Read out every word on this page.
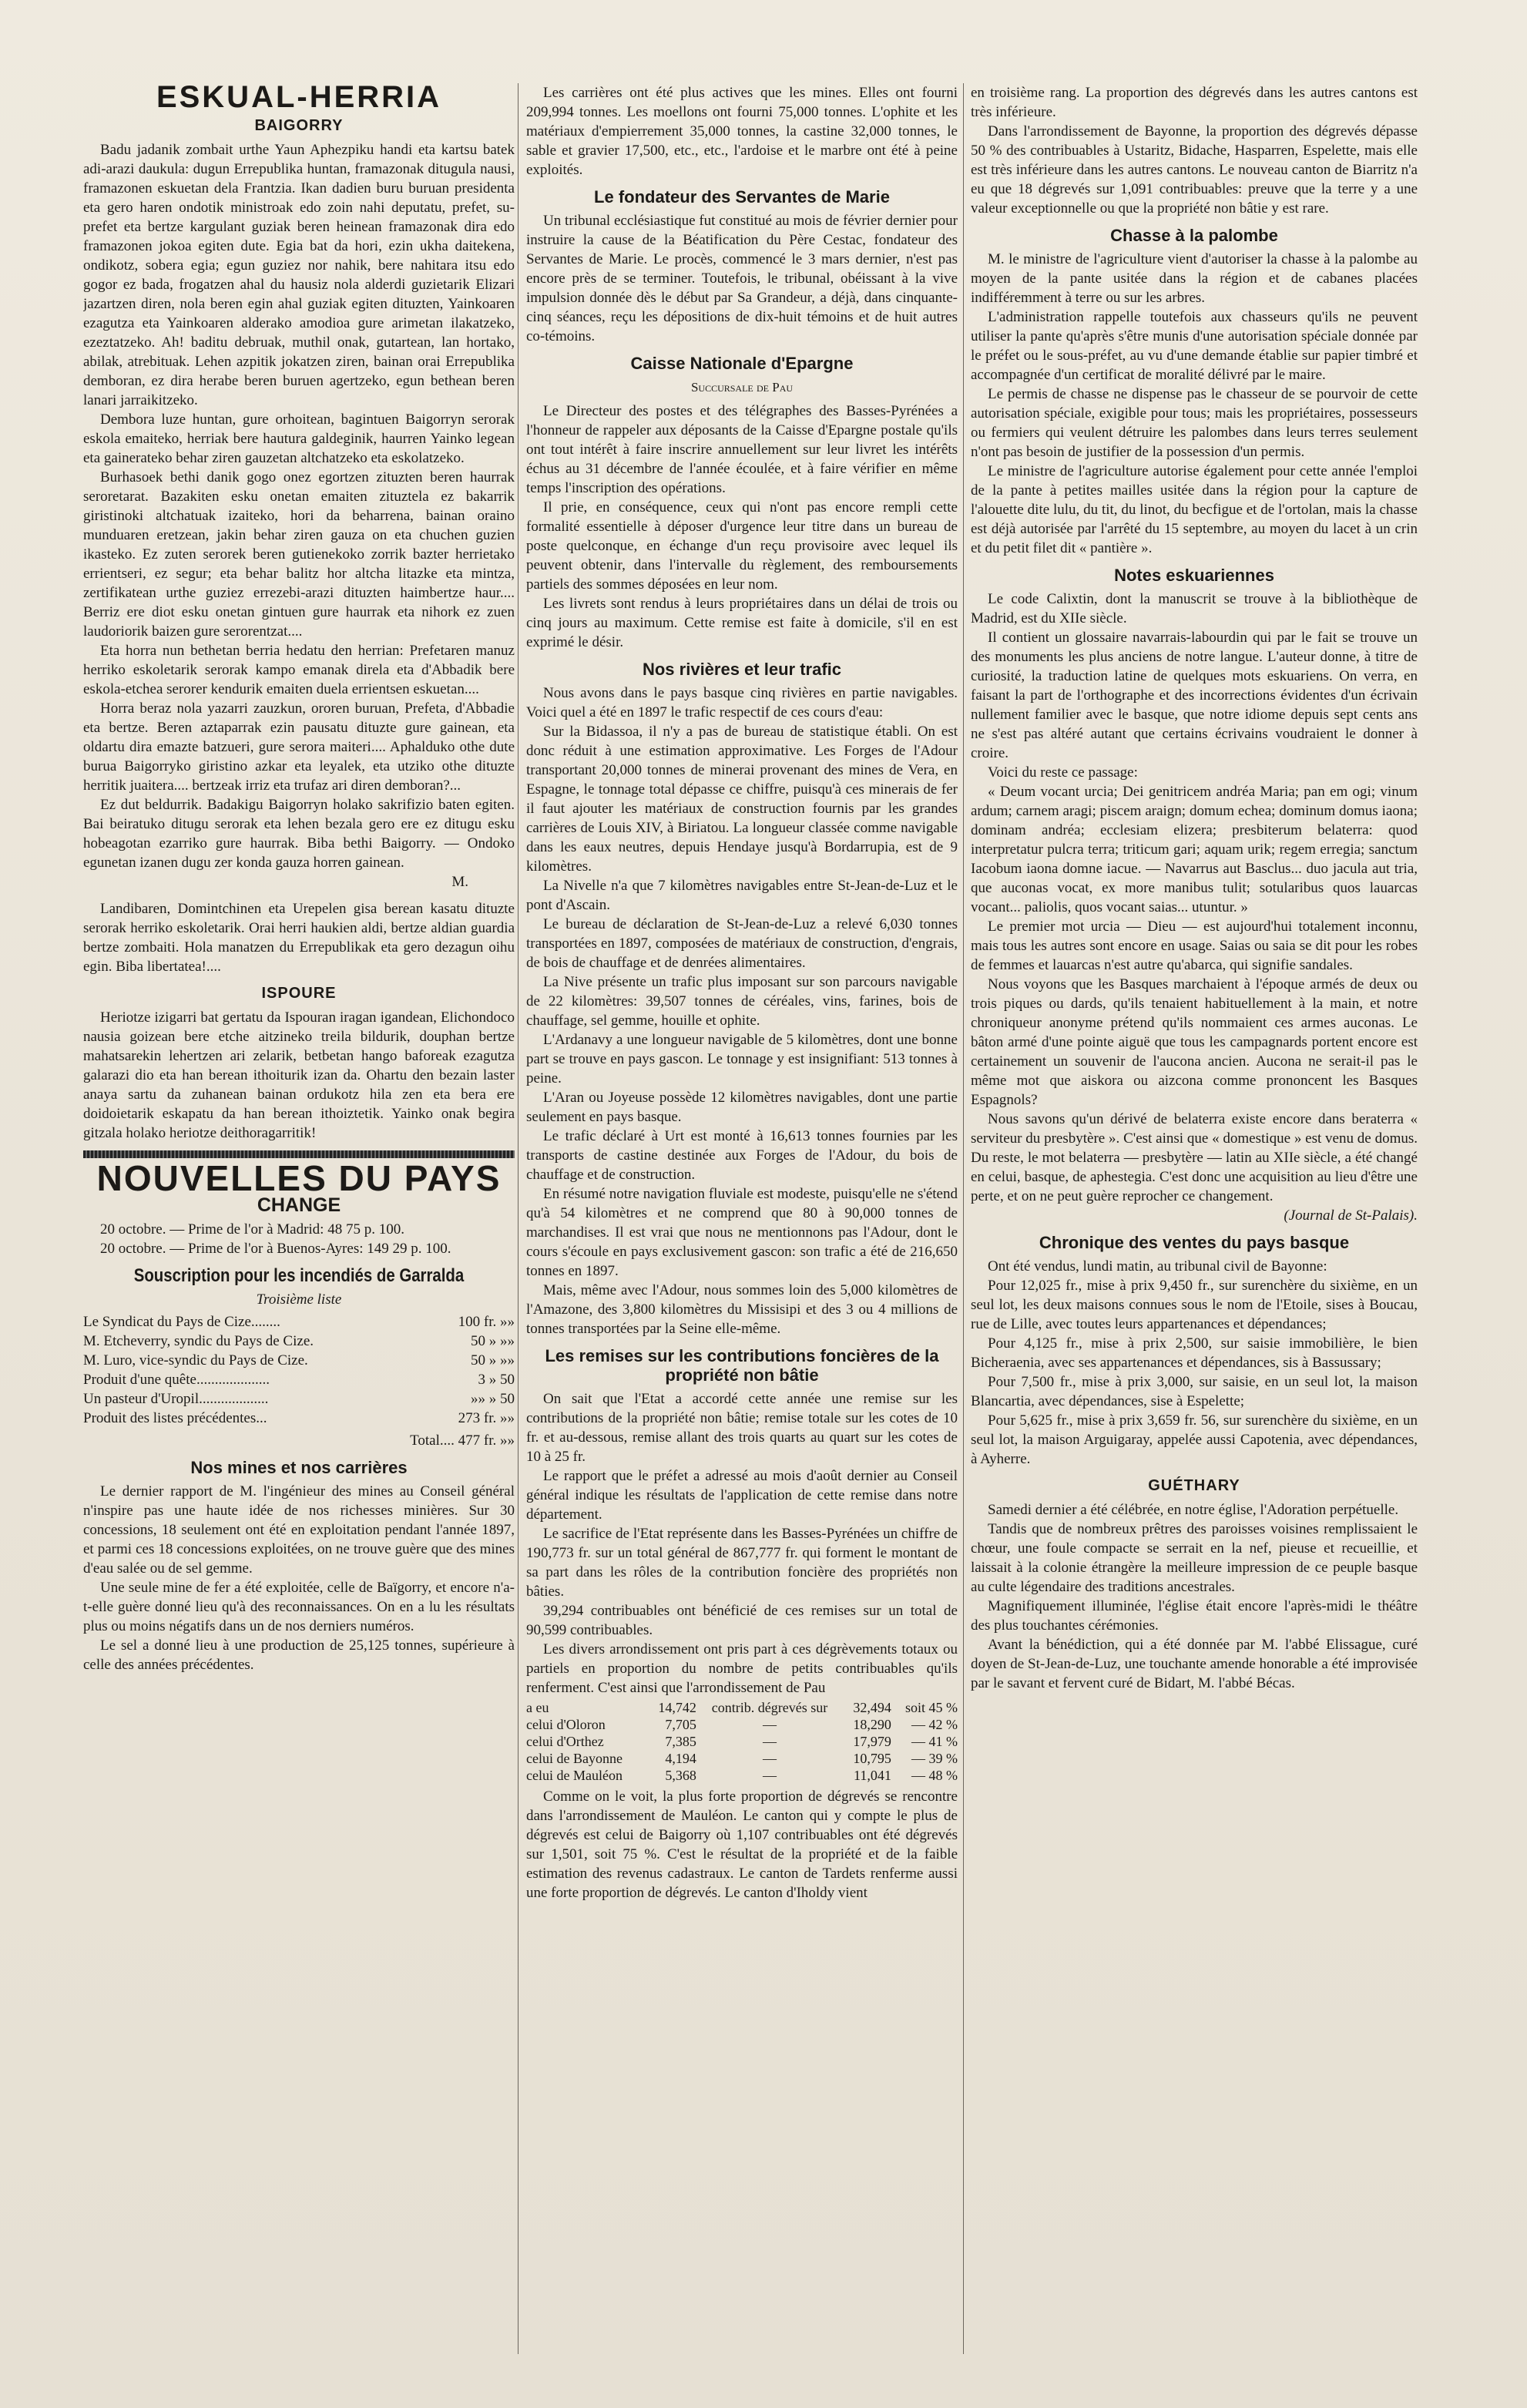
ESKUAL-HERRIA
BAIGORRY

Badu jadanik zombait urthe Yaun Aphezpiku handi eta kartsu batek adi-arazi daukula: dugun Errepublika huntan, framazonak ditugula nausi, framazonen eskuetan dela Frantzia. Ikan dadien buru buruan presidenta eta gero haren ondotik ministroak edo zoin nahi deputatu, prefet, su-prefet eta bertze kargulant guziak beren heinean framazonak dira edo framazonen jokoa egiten dute. Egia bat da hori, ezin ukha daitekena, ondikotz, sobera egia; egun guziez nor nahik, bere nahitara itsu edo gogor ez bada, frogatzen ahal du hausiz nola alderdi guzietarik Elizari jazartzen diren, nola beren egin ahal guziak egiten dituzten, Yainkoaren ezagutza eta Yainkoaren alderako amodioa gure arimetan ilakatzeko, ezeztatzeko. Ah! baditu debruak, muthil onak, gutartean, lan hortako, abilak, atrebituak. Lehen azpitik jokatzen ziren, bainan orai Errepublika demboran, ez dira herabe beren buruen agertzeko, egun bethean beren lanari jarraikitzeko.

Dembora luze huntan, gure orhoitean, bagintuen Baigorryn serorak eskola emaiteko, herriak bere hautura galdeginik, haurren Yainko legean eta gainerateko behar ziren gauzetan altchatzeko eta eskolatzeko.

Burhasoek bethi danik gogo onez egortzen zituzten beren haurrak seroretarat. Bazakiten esku onetan emaiten zituztela ez bakarrik giristinoki altchatuak izaiteko, hori da beharrena, bainan oraino munduaren eretzean, jakin behar ziren gauza on eta chuchen guzien ikasteko. Ez zuten serorek beren gutienekoko zorrik bazter herrietako errientseri, ez segur; eta behar balitz hor altcha litazke eta mintza, zertifikatean urthe guziez errezebi-arazi dituzten haimbertze haur.... Berriz ere diot esku onetan gintuen gure haurrak eta nihork ez zuen laudoriorik baizen gure serorentzat....

Eta horra nun bethetan berria hedatu den herrian: Prefetaren manuz herriko eskoletarik serorak kampo emanak direla eta d'Abbadik bere eskola-etchea serorer kendurik emaiten duela errientsen eskuetan....

Horra beraz nola yazarri zauzkun, ororen buruan, Prefeta, d'Abbadie eta bertze. Beren aztaparrak ezin pausatu dituzte gure gainean, eta oldartu dira emazte batzueri, gure serora maiteri.... Aphalduko othe dute burua Baigorryko giristino azkar eta leyalek, eta utziko othe dituzte herritik juaitera.... bertzeak irriz eta trufaz ari diren demboran?...

Ez dut beldurrik. Badakigu Baigorryn holako sakrifizio baten egiten. Bai beiratuko ditugu serorak eta lehen bezala gero ere ez ditugu esku hobeagotan ezarriko gure haurrak. Biba bethi Baigorry. — Ondoko egunetan izanen dugu zer konda gauza horren gainean.

M.

Landibaren, Domintchinen eta Urepelen gisa berean kasatu dituzte serorak herriko eskoletarik. Orai herri haukien aldi, bertze aldian guardia bertze zombaiti. Hola manatzen du Errepublikak eta gero dezagun oihu egin. Biba libertatea!....

ISPOURE

Heriotze izigarri bat gertatu da Ispouran iragan igandean, Elichondoco nausia goizean bere etche aitzineko treila bildurik, douphan bertze mahatsarekin lehertzen ari zelarik, betbetan hango baforeak ezagutza galarazi dio eta han berean ithoiturik izan da. Ohartu den bezain laster anaya sartu da zuhanean bainan ordukotz hila zen eta bera ere doidoietarik eskapatu da han berean ithoiztetik. Yainko onak begira gitzala holako heriotze deithoragarritik!

NOUVELLES DU PAYS
CHANGE

20 octobre. — Prime de l'or à Madrid: 48 75 p. 100.

20 octobre. — Prime de l'or à Buenos-Ayres: 149 29 p. 100.

Souscription pour les incendiés de Garralda
Troisième liste
Le Syndicat du Pays de Cize........	100 fr. »»
M. Etcheverry, syndic du Pays de Cize.	50 » »»
M. Luro, vice-syndic du Pays de Cize.	50 » »»
Produit d'une quête....................	3 » 50
Un pasteur d'Uropil...................	»» » 50
Produit des listes précédentes...	273 fr. »»
Total.... 477 fr. »»
Nos mines et nos carrières

Le dernier rapport de M. l'ingénieur des mines au Conseil général n'inspire pas une haute idée de nos richesses minières. Sur 30 concessions, 18 seulement ont été en exploitation pendant l'année 1897, et parmi ces 18 concessions exploitées, on ne trouve guère que des mines d'eau salée ou de sel gemme.

Une seule mine de fer a été exploitée, celle de Baïgorry, et encore n'a-t-elle guère donné lieu qu'à des reconnaissances. On en a lu les résultats plus ou moins négatifs dans un de nos derniers numéros.

Le sel a donné lieu à une production de 25,125 tonnes, supérieure à celle des années précédentes.

Les carrières ont été plus actives que les mines. Elles ont fourni 209,994 tonnes. Les moellons ont fourni 75,000 tonnes. L'ophite et les matériaux d'empierrement 35,000 tonnes, la castine 32,000 tonnes, le sable et gravier 17,500, etc., etc., l'ardoise et le marbre ont été à peine exploités.

Le fondateur des Servantes de Marie

Un tribunal ecclésiastique fut constitué au mois de février dernier pour instruire la cause de la Béatification du Père Cestac, fondateur des Servantes de Marie. Le procès, commencé le 3 mars dernier, n'est pas encore près de se terminer. Toutefois, le tribunal, obéissant à la vive impulsion donnée dès le début par Sa Grandeur, a déjà, dans cinquante-cinq séances, reçu les dépositions de dix-huit témoins et de huit autres co-témoins.

Caisse Nationale d'Epargne
Succursale de Pau

Le Directeur des postes et des télégraphes des Basses-Pyrénées a l'honneur de rappeler aux déposants de la Caisse d'Epargne postale qu'ils ont tout intérêt à faire inscrire annuellement sur leur livret les intérêts échus au 31 décembre de l'année écoulée, et à faire vérifier en même temps l'inscription des opérations.

Il prie, en conséquence, ceux qui n'ont pas encore rempli cette formalité essentielle à déposer d'urgence leur titre dans un bureau de poste quelconque, en échange d'un reçu provisoire avec lequel ils peuvent obtenir, dans l'intervalle du règlement, des remboursements partiels des sommes déposées en leur nom.

Les livrets sont rendus à leurs propriétaires dans un délai de trois ou cinq jours au maximum. Cette remise est faite à domicile, s'il en est exprimé le désir.

Nos rivières et leur trafic

Nous avons dans le pays basque cinq rivières en partie navigables. Voici quel a été en 1897 le trafic respectif de ces cours d'eau:

Sur la Bidassoa, il n'y a pas de bureau de statistique établi. On est donc réduit à une estimation approximative. Les Forges de l'Adour transportant 20,000 tonnes de minerai provenant des mines de Vera, en Espagne, le tonnage total dépasse ce chiffre, puisqu'à ces minerais de fer il faut ajouter les matériaux de construction fournis par les grandes carrières de Louis XIV, à Biriatou. La longueur classée comme navigable dans les eaux neutres, depuis Hendaye jusqu'à Bordarrupia, est de 9 kilomètres.

La Nivelle n'a que 7 kilomètres navigables entre St-Jean-de-Luz et le pont d'Ascain.

Le bureau de déclaration de St-Jean-de-Luz a relevé 6,030 tonnes transportées en 1897, composées de matériaux de construction, d'engrais, de bois de chauffage et de denrées alimentaires.

La Nive présente un trafic plus imposant sur son parcours navigable de 22 kilomètres: 39,507 tonnes de céréales, vins, farines, bois de chauffage, sel gemme, houille et ophite.

L'Ardanavy a une longueur navigable de 5 kilomètres, dont une bonne part se trouve en pays gascon. Le tonnage y est insignifiant: 513 tonnes à peine.

L'Aran ou Joyeuse possède 12 kilomètres navigables, dont une partie seulement en pays basque.

Le trafic déclaré à Urt est monté à 16,613 tonnes fournies par les transports de castine destinée aux Forges de l'Adour, du bois de chauffage et de construction.

En résumé notre navigation fluviale est modeste, puisqu'elle ne s'étend qu'à 54 kilomètres et ne comprend que 80 à 90,000 tonnes de marchandises. Il est vrai que nous ne mentionnons pas l'Adour, dont le cours s'écoule en pays exclusivement gascon: son trafic a été de 216,650 tonnes en 1897.

Mais, même avec l'Adour, nous sommes loin des 5,000 kilomètres de l'Amazone, des 3,800 kilomètres du Missisipi et des 3 ou 4 millions de tonnes transportées par la Seine elle-même.

Les remises sur les contributions foncières de la propriété non bâtie

On sait que l'Etat a accordé cette année une remise sur les contributions de la propriété non bâtie; remise totale sur les cotes de 10 fr. et au-dessous, remise allant des trois quarts au quart sur les cotes de 10 à 25 fr.

Le rapport que le préfet a adressé au mois d'août dernier au Conseil général indique les résultats de l'application de cette remise dans notre département.

Le sacrifice de l'Etat représente dans les Basses-Pyrénées un chiffre de 190,773 fr. sur un total général de 867,777 fr. qui forment le montant de sa part dans les rôles de la contribution foncière des propriétés non bâties.

39,294 contribuables ont bénéficié de ces remises sur un total de 90,599 contribuables.

Les divers arrondissement ont pris part à ces dégrèvements totaux ou partiels en proportion du nombre de petits contribuables qu'ils renferment. C'est ainsi que l'arrondissement de Pau

a eu	14,742	contrib. dégrevés sur	32,494	soit 45 %
celui d'Oloron	7,705	—	18,290	— 42 %
celui d'Orthez	7,385	—	17,979	— 41 %
celui de Bayonne	4,194	—	10,795	— 39 %
celui de Mauléon	5,368	—	11,041	— 48 %

Comme on le voit, la plus forte proportion de dégrevés se rencontre dans l'arrondissement de Mauléon. Le canton qui y compte le plus de dégrevés est celui de Baigorry où 1,107 contribuables ont été dégrevés sur 1,501, soit 75 %. C'est le résultat de la propriété et de la faible estimation des revenus cadastraux. Le canton de Tardets renferme aussi une forte proportion de dégrevés. Le canton d'Iholdy vient

en troisième rang. La proportion des dégrevés dans les autres cantons est très inférieure.

Dans l'arrondissement de Bayonne, la proportion des dégrevés dépasse 50 % des contribuables à Ustaritz, Bidache, Hasparren, Espelette, mais elle est très inférieure dans les autres cantons. Le nouveau canton de Biarritz n'a eu que 18 dégrevés sur 1,091 contribuables: preuve que la terre y a une valeur exceptionnelle ou que la propriété non bâtie y est rare.

Chasse à la palombe

M. le ministre de l'agriculture vient d'autoriser la chasse à la palombe au moyen de la pante usitée dans la région et de cabanes placées indifféremment à terre ou sur les arbres.

L'administration rappelle toutefois aux chasseurs qu'ils ne peuvent utiliser la pante qu'après s'être munis d'une autorisation spéciale donnée par le préfet ou le sous-préfet, au vu d'une demande établie sur papier timbré et accompagnée d'un certificat de moralité délivré par le maire.

Le permis de chasse ne dispense pas le chasseur de se pourvoir de cette autorisation spéciale, exigible pour tous; mais les propriétaires, possesseurs ou fermiers qui veulent détruire les palombes dans leurs terres seulement n'ont pas besoin de justifier de la possession d'un permis.

Le ministre de l'agriculture autorise également pour cette année l'emploi de la pante à petites mailles usitée dans la région pour la capture de l'alouette dite lulu, du tit, du linot, du becfigue et de l'ortolan, mais la chasse est déjà autorisée par l'arrêté du 15 septembre, au moyen du lacet à un crin et du petit filet dit « pantière ».

Notes eskuariennes

Le code Calixtin, dont la manuscrit se trouve à la bibliothèque de Madrid, est du XIIe siècle.

Il contient un glossaire navarrais-labourdin qui par le fait se trouve un des monuments les plus anciens de notre langue. L'auteur donne, à titre de curiosité, la traduction latine de quelques mots eskuariens. On verra, en faisant la part de l'orthographe et des incorrections évidentes d'un écrivain nullement familier avec le basque, que notre idiome depuis sept cents ans ne s'est pas altéré autant que certains écrivains voudraient le donner à croire.

Voici du reste ce passage:

« Deum vocant urcia; Dei genitricem andréa Maria; pan em ogi; vinum ardum; carnem aragi; piscem araign; domum echea; dominum domus iaona; dominam andréa; ecclesiam elizera; presbiterum belaterra: quod interpretatur pulcra terra; triticum gari; aquam urik; regem erregia; sanctum Iacobum iaona domne iacue. — Navarrus aut Basclus... duo jacula aut tria, que auconas vocat, ex more manibus tulit; sotularibus quos lauarcas vocant... paliolis, quos vocant saias... utuntur. »

Le premier mot urcia — Dieu — est aujourd'hui totalement inconnu, mais tous les autres sont encore en usage. Saias ou saia se dit pour les robes de femmes et lauarcas n'est autre qu'abarca, qui signifie sandales.

Nous voyons que les Basques marchaient à l'époque armés de deux ou trois piques ou dards, qu'ils tenaient habituellement à la main, et notre chroniqueur anonyme prétend qu'ils nommaient ces armes auconas. Le bâton armé d'une pointe aiguë que tous les campagnards portent encore est certainement un souvenir de l'aucona ancien. Aucona ne serait-il pas le même mot que aiskora ou aizcona comme prononcent les Basques Espagnols?

Nous savons qu'un dérivé de belaterra existe encore dans beraterra « serviteur du presbytère ». C'est ainsi que « domestique » est venu de domus. Du reste, le mot belaterra — presbytère — latin au XIIe siècle, a été changé en celui, basque, de aphestegia. C'est donc une acquisition au lieu d'être une perte, et on ne peut guère reprocher ce changement.

(Journal de St-Palais).
Chronique des ventes du pays basque

Ont été vendus, lundi matin, au tribunal civil de Bayonne:

Pour 12,025 fr., mise à prix 9,450 fr., sur surenchère du sixième, en un seul lot, les deux maisons connues sous le nom de l'Etoile, sises à Boucau, rue de Lille, avec toutes leurs appartenances et dépendances;

Pour 4,125 fr., mise à prix 2,500, sur saisie immobilière, le bien Bicheraenia, avec ses appartenances et dépendances, sis à Bassussary;

Pour 7,500 fr., mise à prix 3,000, sur saisie, en un seul lot, la maison Blancartia, avec dépendances, sise à Espelette;

Pour 5,625 fr., mise à prix 3,659 fr. 56, sur surenchère du sixième, en un seul lot, la maison Arguigaray, appelée aussi Capotenia, avec dépendances, à Ayherre.

GUÉTHARY

Samedi dernier a été célébrée, en notre église, l'Adoration perpétuelle.

Tandis que de nombreux prêtres des paroisses voisines remplissaient le chœur, une foule compacte se serrait en la nef, pieuse et recueillie, et laissait à la colonie étrangère la meilleure impression de ce peuple basque au culte légendaire des traditions ancestrales.

Magnifiquement illuminée, l'église était encore l'après-midi le théâtre des plus touchantes cérémonies.

Avant la bénédiction, qui a été donnée par M. l'abbé Elissague, curé doyen de St-Jean-de-Luz, une touchante amende honorable a été improvisée par le savant et fervent curé de Bidart, M. l'abbé Bécas.
